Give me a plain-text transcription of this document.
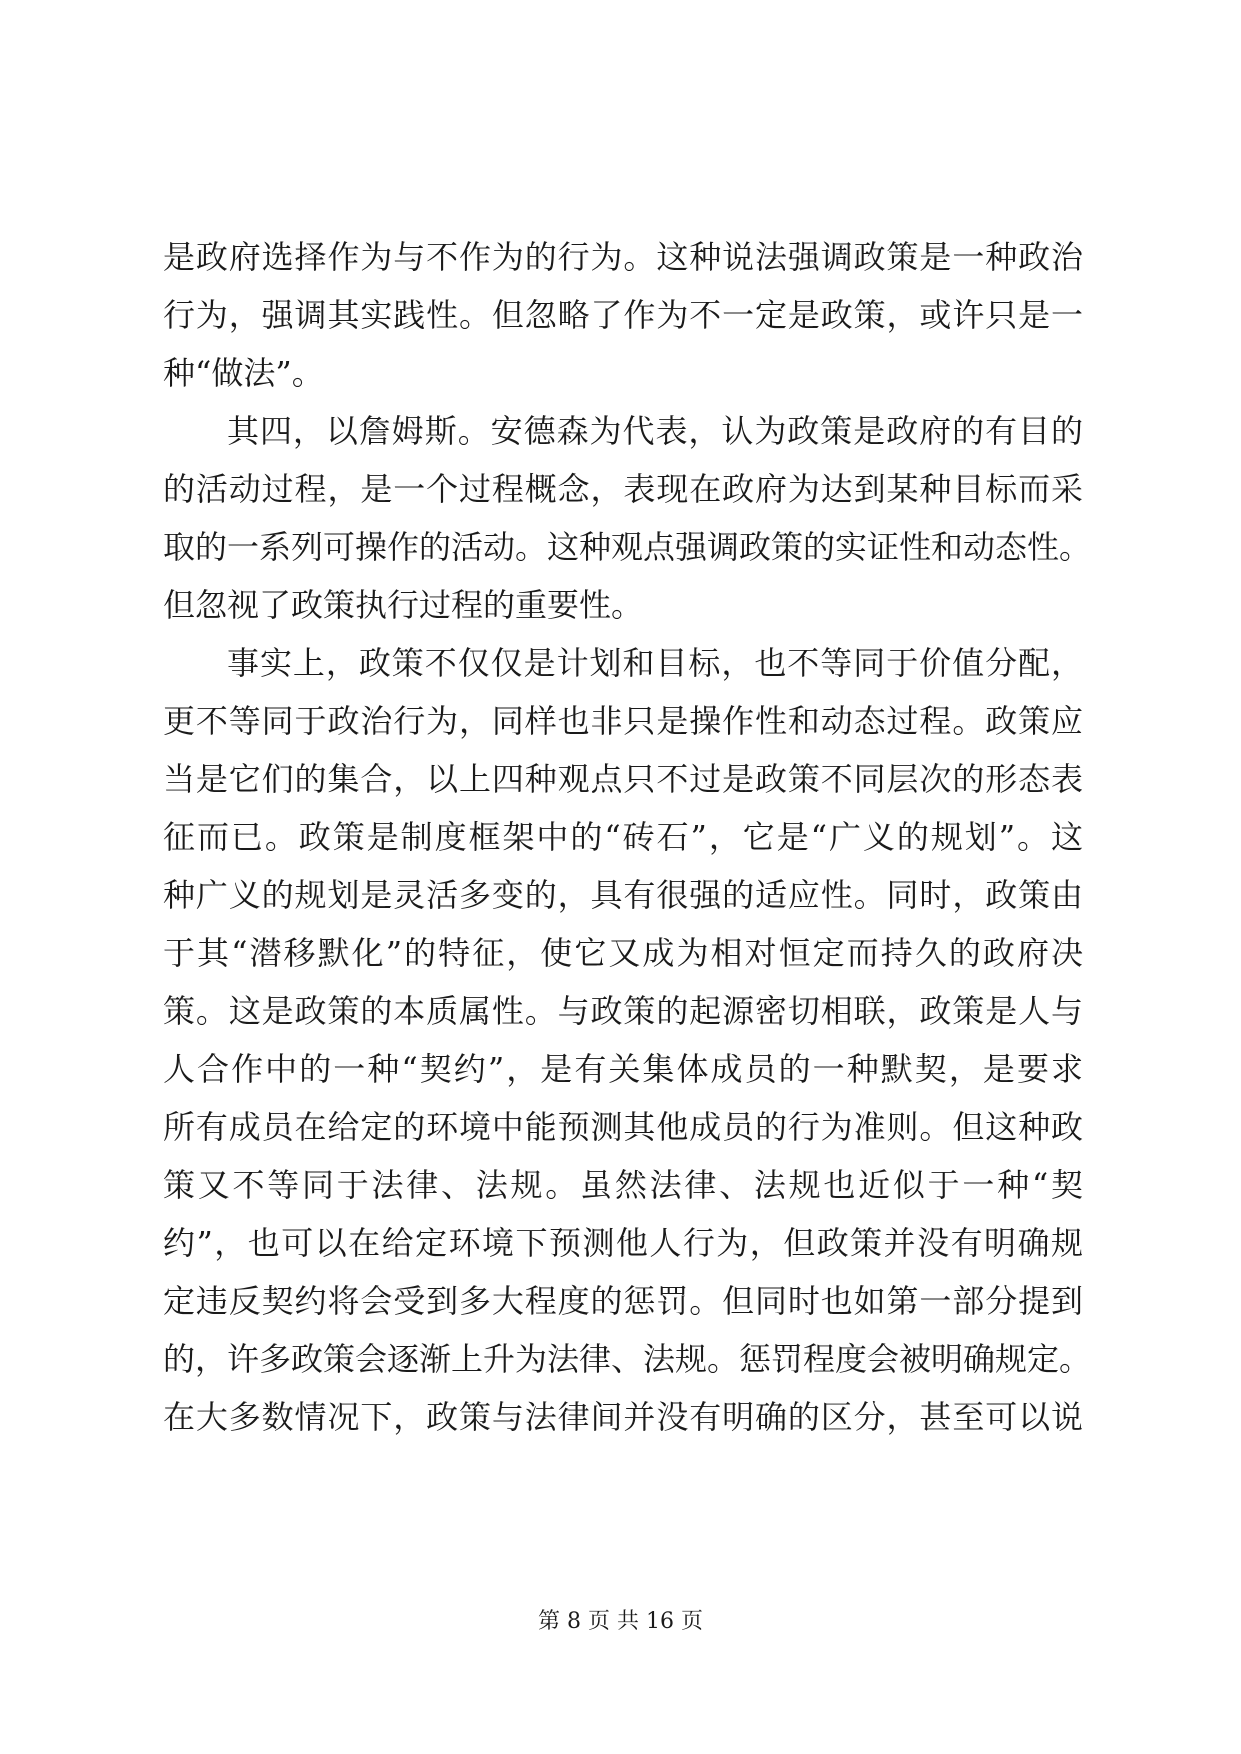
是政府选择作为与不作为的行为。这种说法强调政策是一种政治
行为，强调其实践性。但忽略了作为不一定是政策，或许只是一
种“做法”。
其四，以詹姆斯。安德森为代表，认为政策是政府的有目的
的活动过程，是一个过程概念，表现在政府为达到某种目标而采
取的一系列可操作的活动。这种观点强调政策的实证性和动态性。
但忽视了政策执行过程的重要性。
事实上，政策不仅仅是计划和目标，也不等同于价值分配，
更不等同于政治行为，同样也非只是操作性和动态过程。政策应
当是它们的集合，以上四种观点只不过是政策不同层次的形态表
征而已。政策是制度框架中的“砖石”，它是“广义的规划”。这
种广义的规划是灵活多变的，具有很强的适应性。同时，政策由
于其“潜移默化”的特征，使它又成为相对恒定而持久的政府决
策。这是政策的本质属性。与政策的起源密切相联，政策是人与
人合作中的一种“契约”，是有关集体成员的一种默契，是要求
所有成员在给定的环境中能预测其他成员的行为准则。但这种政
策又不等同于法律、法规。虽然法律、法规也近似于一种“契
约”，也可以在给定环境下预测他人行为，但政策并没有明确规
定违反契约将会受到多大程度的惩罚。但同时也如第一部分提到
的，许多政策会逐渐上升为法律、法规。惩罚程度会被明确规定。
在大多数情况下，政策与法律间并没有明确的区分，甚至可以说
第 8 页 共 16 页
